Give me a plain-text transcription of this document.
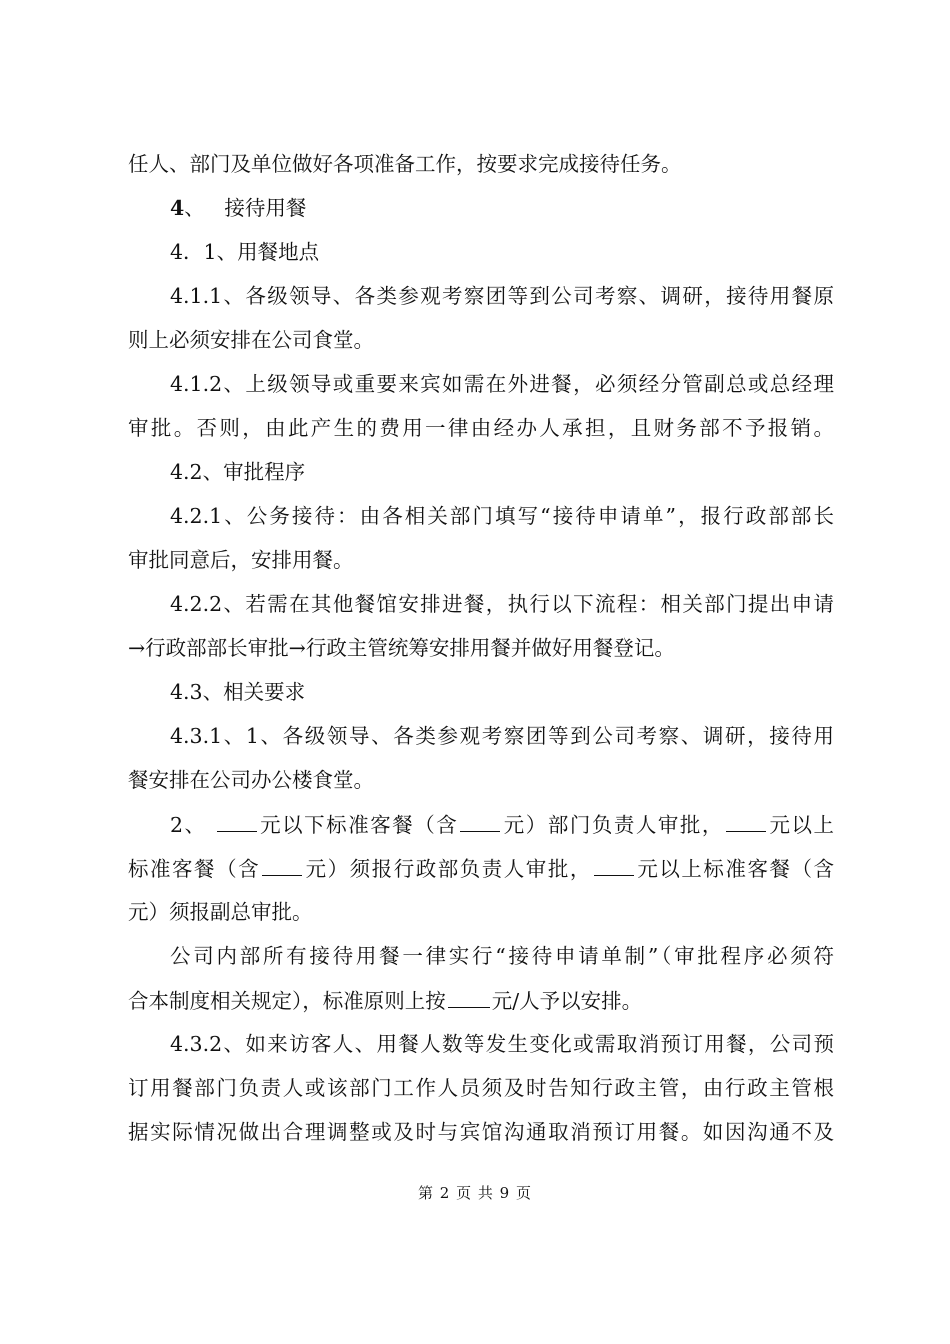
任人、部门及单位做好各项准备工作，按要求完成接待任务。
4、 接待用餐
4．1、用餐地点
4.1.1、各级领导、各类参观考察团等到公司考察、调研，接待用餐原
则上必须安排在公司食堂。
4.1.2、上级领导或重要来宾如需在外进餐，必须经分管副总或总经理
审批。否则，由此产生的费用一律由经办人承担，且财务部不予报销。
4.2、审批程序
4.2.1、公务接待：由各相关部门填写“接待申请单”，报行政部部长
审批同意后，安排用餐。
4.2.2、若需在其他餐馆安排进餐，执行以下流程：相关部门提出申请
→行政部部长审批→行政主管统筹安排用餐并做好用餐登记。
4.3、相关要求
4.3.1、1、各级领导、各类参观考察团等到公司考察、调研，接待用
餐安排在公司办公楼食堂。
2、	元以下标准客餐（含 元）部门负责人审批， 元以上
标准客餐（含 元）须报行政部负责人审批， 元以上标准客餐（含
元）须报副总审批。
公司内部所有接待用餐一律实行“接待申请单制”（审批程序必须符
合本制度相关规定），标准原则上按 元/人予以安排。
4.3.2、如来访客人、用餐人数等发生变化或需取消预订用餐，公司预
订用餐部门负责人或该部门工作人员须及时告知行政主管，由行政主管根
据实际情况做出合理调整或及时与宾馆沟通取消预订用餐。如因沟通不及
第 2 页 共 9 页
